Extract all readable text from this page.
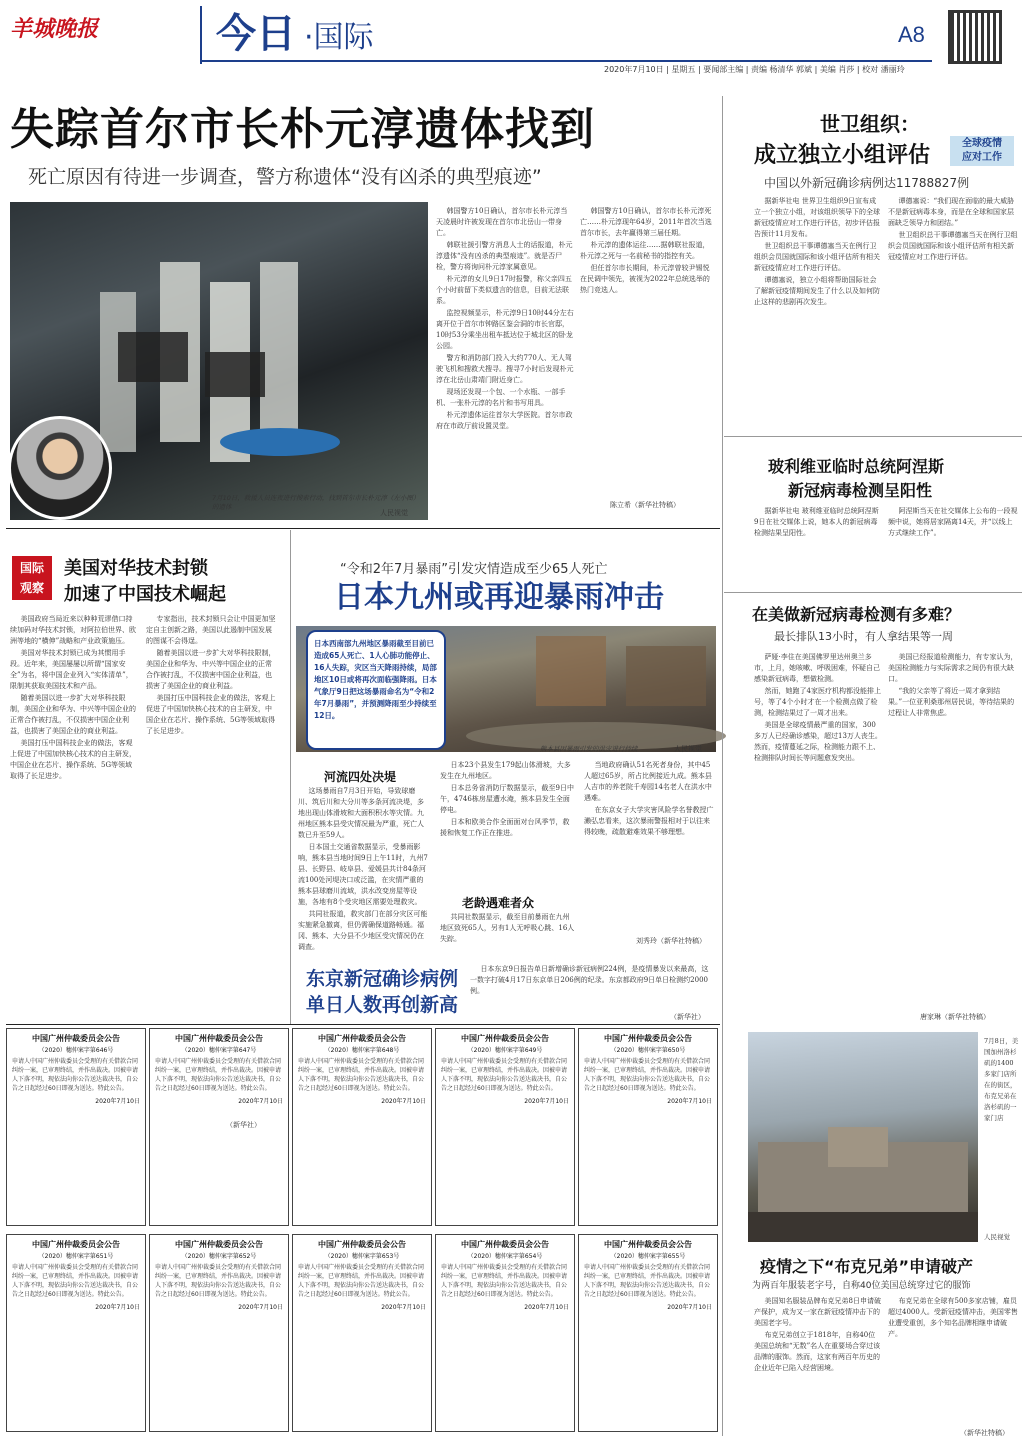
羊城晚报	今日 ·国际	A8
2020年7月10日 | 星期五 | 要闻部主编 | 责编 杨清华 郭斌 | 美编 肖莎 | 校对 潘丽玲
失踪首尔市长朴元淳遗体找到
死亡原因有待进一步调查，警方称遗体“没有凶杀的典型痕迹”
7月10日，救援人员连夜进行搜索行动，找到首尔市长朴元淳（左小图）的遗体
人民视觉

韩国警方10日确认，首尔市长朴元淳当天凌晨时许被发现在首尔市北岳山一带身亡。

韩联社援引警方消息人士的话报道，朴元淳遗体“没有凶杀的典型痕迹”。就是否尸检，警方将询问朴元淳家属意见。

朴元淳的女儿9日17时报警，称父亲四五个小时前留下类似遗言的信息，目前无法联系。

监控视频显示，朴元淳9日10时44分左右离开位于首尔市钟路区鉴会洞的市长官邸，10时53分乘坐出租车抵达位于城北区的卧龙公园。

警方和消防部门投入大约770人、无人驾驶飞机和搜救犬搜寻。搜寻7小时后发现朴元淳在北岳山肃靖门附近身亡。

现场还发现一个包、一个水瓶、一部手机、一张朴元淳的名片和书写用具。

朴元淳遗体运往首尔大学医院。首尔市政府在市政厅前设置灵堂。

韩国警方10日确认，首尔市长朴元淳死亡……朴元淳现年64岁，2011年首次当选首尔市长，去年赢得第三届任期。

朴元淳的遗体运往……据韩联社报道，朴元淳之死与一名前秘书的指控有关。

但任首尔市长期间，朴元淳曾较尹锡悦在民调中领先，被视为2022年总统选举的热门竞选人。

陈立希（新华社特稿）
世卫组织：
成立独立小组评估	全球疫情
应对工作
中国以外新冠确诊病例达11788827例

据新华社电 世界卫生组织9日宣布成立一个独立小组，对该组织领导下的全球新冠疫情应对工作进行评估，初步评估报告预计11月发布。

世卫组织总干事谭德塞当天在例行卫组织会员国就国际和该小组评估所有相关新冠疫情应对工作进行评估。

谭德塞说，独立小组将帮助国际社会了解新冠疫情期间发生了什么以及如何防止这样的悲剧再次发生。

谭德塞说：“我们现在面临的最大威胁不是新冠病毒本身，而是在全球和国家层面缺乏领导力和团结。”

世卫组织总干事谭德塞当天在例行卫组织会员国就国际和该小组评估所有相关新冠疫情应对工作进行评估。

玻利维亚临时总统阿涅斯
新冠病毒检测呈阳性

据新华社电 玻利维亚临时总统阿涅斯9日在社交媒体上说，她本人的新冠病毒检测结果呈阳性。

阿涅斯当天在社交媒体上公布的一段视频中说，她将居家隔离14天，并“以线上方式继续工作”。

国际
观察
美国对华技术封锁
加速了中国技术崛起

美国政府当局近来以种种荒谬借口持续加码对华技术封锁，对阿拉伯世界、欧洲等地的“横伸”战略和产业政策施压。

美国对华技术封锁已成为其惯用手段。近年来，美国屡屡以所谓“国家安全”为名，将中国企业列入“实体清单”，限制其获取美国技术和产品。

随着美国以进一步扩大对华科技限制，美国企业和华为、中兴等中国企业的正常合作被打乱，不仅损害中国企业利益，也损害了美国企业的商业利益。

美国打压中国科技企业的做法，客观上促进了中国加快核心技术的自主研发，中国企业在芯片、操作系统、5G等领域取得了长足进步。

专家指出，技术封锁只会让中国更加坚定自主创新之路，美国以此遏制中国发展的图谋不会得逞。

随着美国以进一步扩大对华科技限制，美国企业和华为、中兴等中国企业的正常合作被打乱，不仅损害中国企业利益，也损害了美国企业的商业利益。

美国打压中国科技企业的做法，客观上促进了中国加快核心技术的自主研发，中国企业在芯片、操作系统、5G等领域取得了长足进步。

（新华社）
“令和2年7月暴雨”引发灾情造成至少65人死亡
日本九州或再迎暴雨冲击
日本西南部九州地区暴雨截至目前已造成65人死亡、1人心肺功能停止、16人失踪，灾区当天降雨持续，局部地区10日或将再次面临强降雨。日本气象厅9日把这场暴雨命名为“令和2年7月暴雨”，并预测降雨至少持续至12日。
熊本县因暴雨引发的洪灾进行持续	人民视觉
河流四处决堤

这场暴雨自7月3日开始，导致球磨川、筑后川和大分川等多条河流决堤，多地出现山体滑坡和大面积积水等灾情。九州地区熊本县受灾情况最为严重，死亡人数已升至59人。

日本国土交通省数据显示，受暴雨影响，熊本县当地时间9日上午11时，九州7县、长野县、岐阜县、爱媛县共计84条河流100处河堤决口或泛滥，在灾情严重的熊本县球磨川流域，洪水改变房屋等设施，各地有8个受灾地区需要处理救灾。

共同社报道，救灾部门在部分灾区可能实施紧急撤离，但仍需确保道路畅通。福冈、熊本、大分县不少地区受灾情况仍在调查。

日本23个县发生179起山体滑坡，大多发生在九州地区。

日本总务省消防厅数据显示，截至9日中午，4746栋房屋遭水淹，熊本县发生全面停电。

日本和欧美合作全面面对台风季节，救援和恢复工作正在推进。

老龄遇难者众

共同社数据显示，截至目前暴雨在九州地区致死65人，另有1人无呼吸心跳、16人失踪。

当地政府确认51名死者身份，其中45人超过65岁，所占比例接近九成。熊本县人吉市的养老院千寿园14名老人在洪水中遇难。

在东京女子大学灾害风险学名誉教授广濑弘忠看来，这次暴雨警报相对于以往来得较晚，疏散避难效果不够理想。

刘秀玲（新华社特稿）
东京新冠确诊病例
单日人数再创新高

日本东京9日报告单日新增确诊新冠病例224例，是疫情暴发以来最高，这一数字打破4月17日东京单日206例的纪录。东京都政府9日单日检测约2000例。

（新华社）
在美做新冠病毒检测有多难？
最长排队13小时，有人拿结果等一周

萨娅·李住在美国佛罗里达州奥兰多市，上月，她咳嗽、呼吸困难，怀疑自己感染新冠病毒，想做检测。

然而，她跑了4家医疗机构都没能排上号，等了4个小时才在一个检测点做了检测，检测结果过了一周才出来。

美国是全球疫情最严重的国家，300多万人已经确诊感染，超过13万人丧生。然而，疫情蔓延之际，检测能力跟不上、检测排队时间长等问题愈发突出。

美国已经报道检测能力，有专家认为，美国检测能力与实际需求之间仍有很大缺口。

“我的父亲等了将近一周才拿到结果。”一位亚利桑那州居民说，等待结果的过程让人非常焦虑。

唐家琳（新华社特稿）
7月8日，美国加州洛杉矶的1400多家门店所在的街区，布克兄弟在洛杉矶的一家门店
人民视觉
疫情之下“布克兄弟”申请破产
为两百年服装老字号，自称40位美国总统穿过它的服饰

美国知名服装品牌布克兄弟8日申请破产保护，成为又一家在新冠疫情冲击下的美国老字号。

布克兄弟创立于1818年，自称40位美国总统和“无数”名人在重要场合穿过该品牌的服饰。然而，这家有两百年历史的企业近年已陷入经营困境。

布克兄弟在全球有500多家店铺，雇员超过4000人。受新冠疫情冲击，美国零售业遭受重创，多个知名品牌相继申请破产。

（新华社特稿）
中国广州仲裁委员会公告
（2020）穗仲案字第646号
申请人中国广州仲裁委员会受理的有关借款合同纠纷一案，已审理终结，并作出裁决。因被申请人下落不明，现依法向你公告送达裁决书，自公告之日起经过60日即视为送达。特此公告。
2020年7月10日
中国广州仲裁委员会公告
（2020）穗仲案字第647号
申请人中国广州仲裁委员会受理的有关借款合同纠纷一案，已审理终结，并作出裁决。因被申请人下落不明，现依法向你公告送达裁决书，自公告之日起经过60日即视为送达。特此公告。
2020年7月10日
中国广州仲裁委员会公告
（2020）穗仲案字第648号
申请人中国广州仲裁委员会受理的有关借款合同纠纷一案，已审理终结，并作出裁决。因被申请人下落不明，现依法向你公告送达裁决书，自公告之日起经过60日即视为送达。特此公告。
2020年7月10日
中国广州仲裁委员会公告
（2020）穗仲案字第649号
申请人中国广州仲裁委员会受理的有关借款合同纠纷一案，已审理终结，并作出裁决。因被申请人下落不明，现依法向你公告送达裁决书，自公告之日起经过60日即视为送达。特此公告。
2020年7月10日
中国广州仲裁委员会公告
（2020）穗仲案字第650号
申请人中国广州仲裁委员会受理的有关借款合同纠纷一案，已审理终结，并作出裁决。因被申请人下落不明，现依法向你公告送达裁决书，自公告之日起经过60日即视为送达。特此公告。
2020年7月10日
中国广州仲裁委员会公告
（2020）穗仲案字第651号
申请人中国广州仲裁委员会受理的有关借款合同纠纷一案，已审理终结，并作出裁决。因被申请人下落不明，现依法向你公告送达裁决书，自公告之日起经过60日即视为送达。特此公告。
2020年7月10日
中国广州仲裁委员会公告
（2020）穗仲案字第652号
申请人中国广州仲裁委员会受理的有关借款合同纠纷一案，已审理终结，并作出裁决。因被申请人下落不明，现依法向你公告送达裁决书，自公告之日起经过60日即视为送达。特此公告。
2020年7月10日
中国广州仲裁委员会公告
（2020）穗仲案字第653号
申请人中国广州仲裁委员会受理的有关借款合同纠纷一案，已审理终结，并作出裁决。因被申请人下落不明，现依法向你公告送达裁决书，自公告之日起经过60日即视为送达。特此公告。
2020年7月10日
中国广州仲裁委员会公告
（2020）穗仲案字第654号
申请人中国广州仲裁委员会受理的有关借款合同纠纷一案，已审理终结，并作出裁决。因被申请人下落不明，现依法向你公告送达裁决书，自公告之日起经过60日即视为送达。特此公告。
2020年7月10日
中国广州仲裁委员会公告
（2020）穗仲案字第655号
申请人中国广州仲裁委员会受理的有关借款合同纠纷一案，已审理终结，并作出裁决。因被申请人下落不明，现依法向你公告送达裁决书，自公告之日起经过60日即视为送达。特此公告。
2020年7月10日
